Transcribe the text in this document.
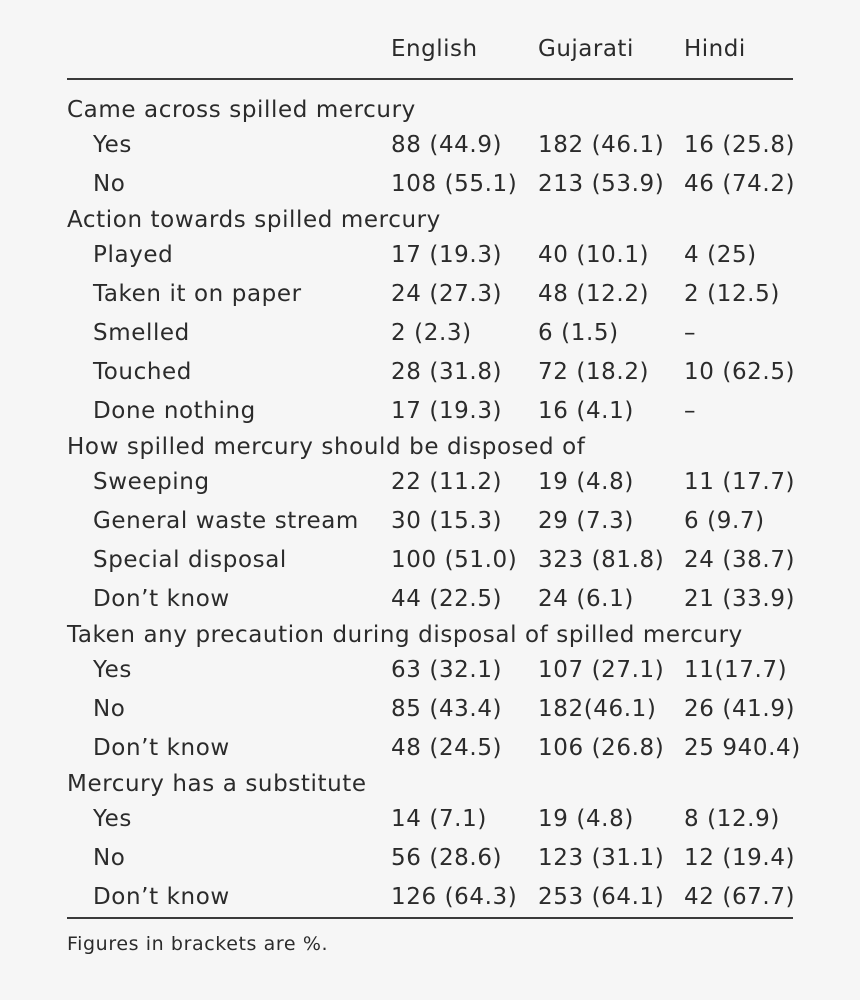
English	Gujarati Hindi
Came across spilled mercury
Yes	88 (44.9) 182 (46.1) 16 (25.8)
No	108 (55.1) 213 (53.9) 46 (74.2)
Action towards spilled mercury
Played	17 (19.3) 40 (10.1) 4 (25)
Taken it on paper	24 (27.3) 48 (12.2) 2 (12.5)
Smelled	2 (2.3)	6 (1.5)	–
Touched	28 (31.8) 72 (18.2) 10 (62.5)
Done nothing	17 (19.3) 16 (4.1) –
How spilled mercury should be disposed of
Sweeping	22 (11.2) 19 (4.8) 11 (17.7)
General waste stream 30 (15.3) 29 (7.3) 6 (9.7)
Special disposal	100 (51.0) 323 (81.8) 24 (38.7)
Don’t know	44 (22.5) 24 (6.1) 21 (33.9)
Taken any precaution during disposal of spilled mercury
Yes	63 (32.1) 107 (27.1) 11(17.7)
No	85 (43.4) 182(46.1) 26 (41.9)
Don’t know	48 (24.5) 106 (26.8) 25 940.4)
Mercury has a substitute
Yes	14 (7.1) 19 (4.8) 8 (12.9)
No	56 (28.6) 123 (31.1) 12 (19.4)
Don’t know	126 (64.3) 253 (64.1) 42 (67.7)
Figures in brackets are %.
